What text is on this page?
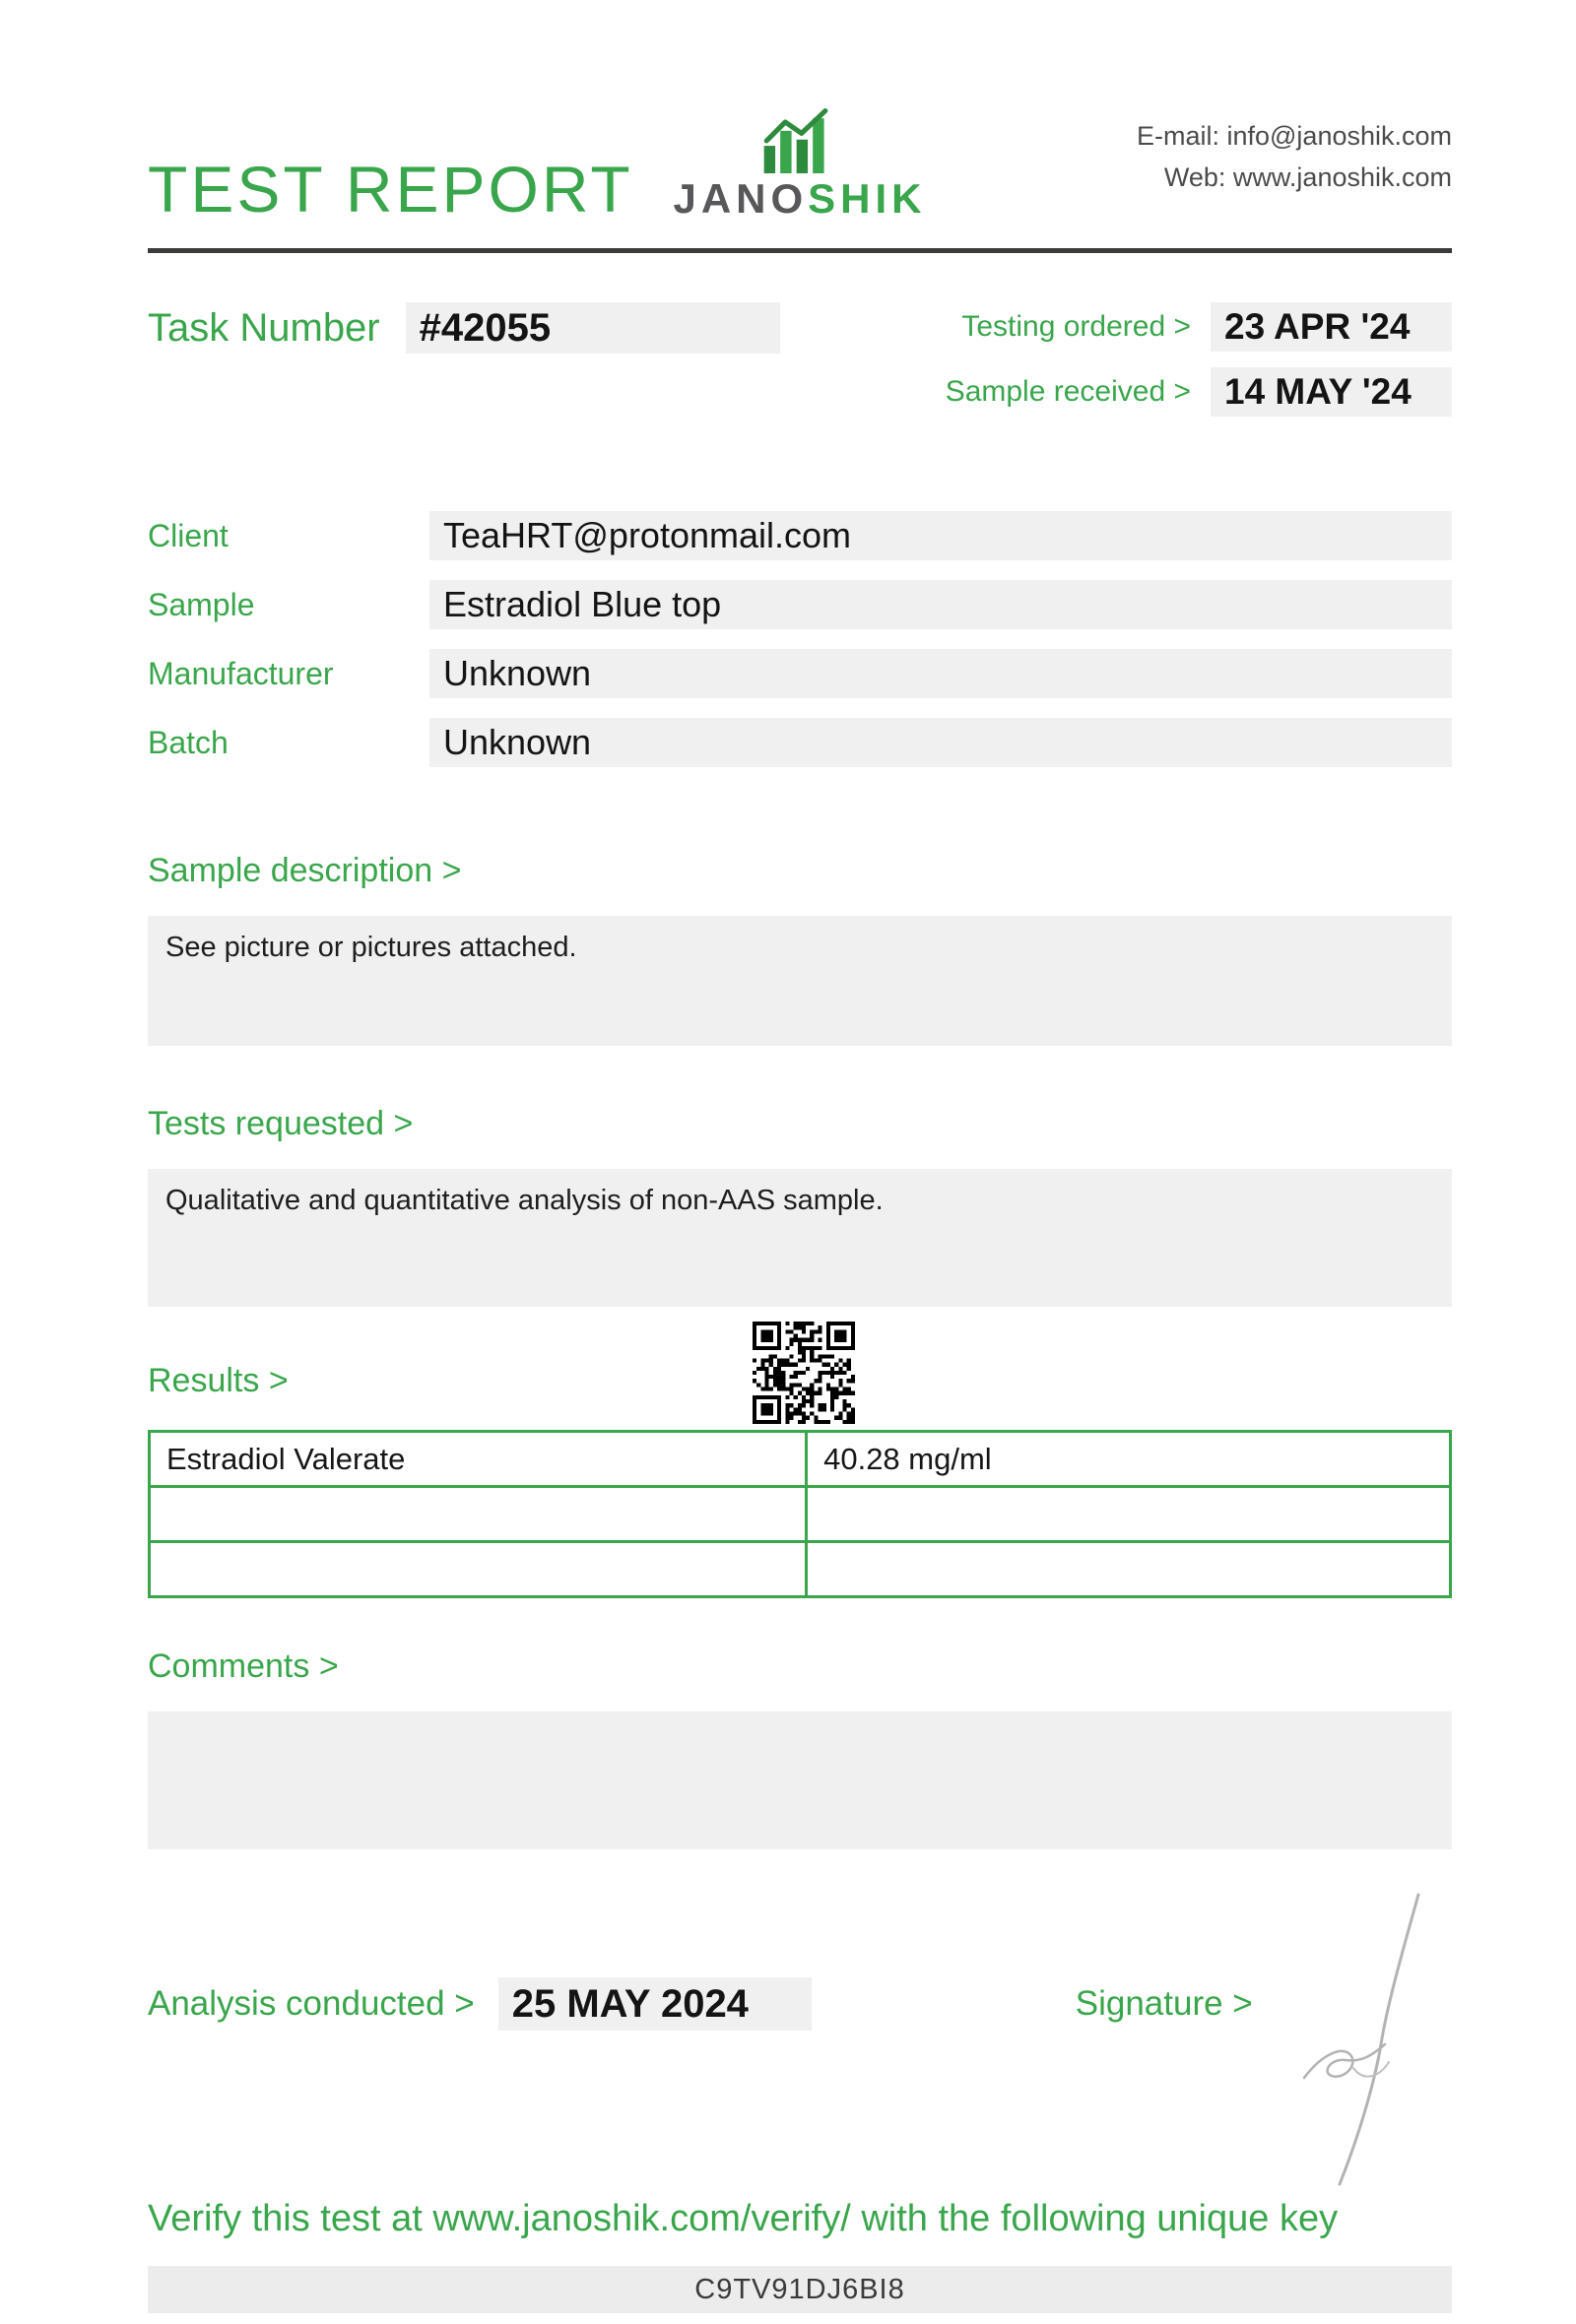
TEST REPORT JANOSHIK
E-mail: info@janoshik.com
Web: www.janoshik.com
Task Number	#42055	Testing ordered > 23 APR '24
Sample received > 14 MAY '24
Client	TeaHRT@protonmail.com
Sample	Estradiol Blue top
Manufacturer	Unknown
Batch	Unknown
Sample description >
See picture or pictures attached.
Tests requested >
Qualitative and quantitative analysis of non-AAS sample.
Results >
Estradiol Valerate	40.28 mg/ml

Comments >
Analysis conducted > 25 MAY 2024	Signature >
Verify this test at www.janoshik.com/verify/ with the following unique key
C9TV91DJ6BI8
